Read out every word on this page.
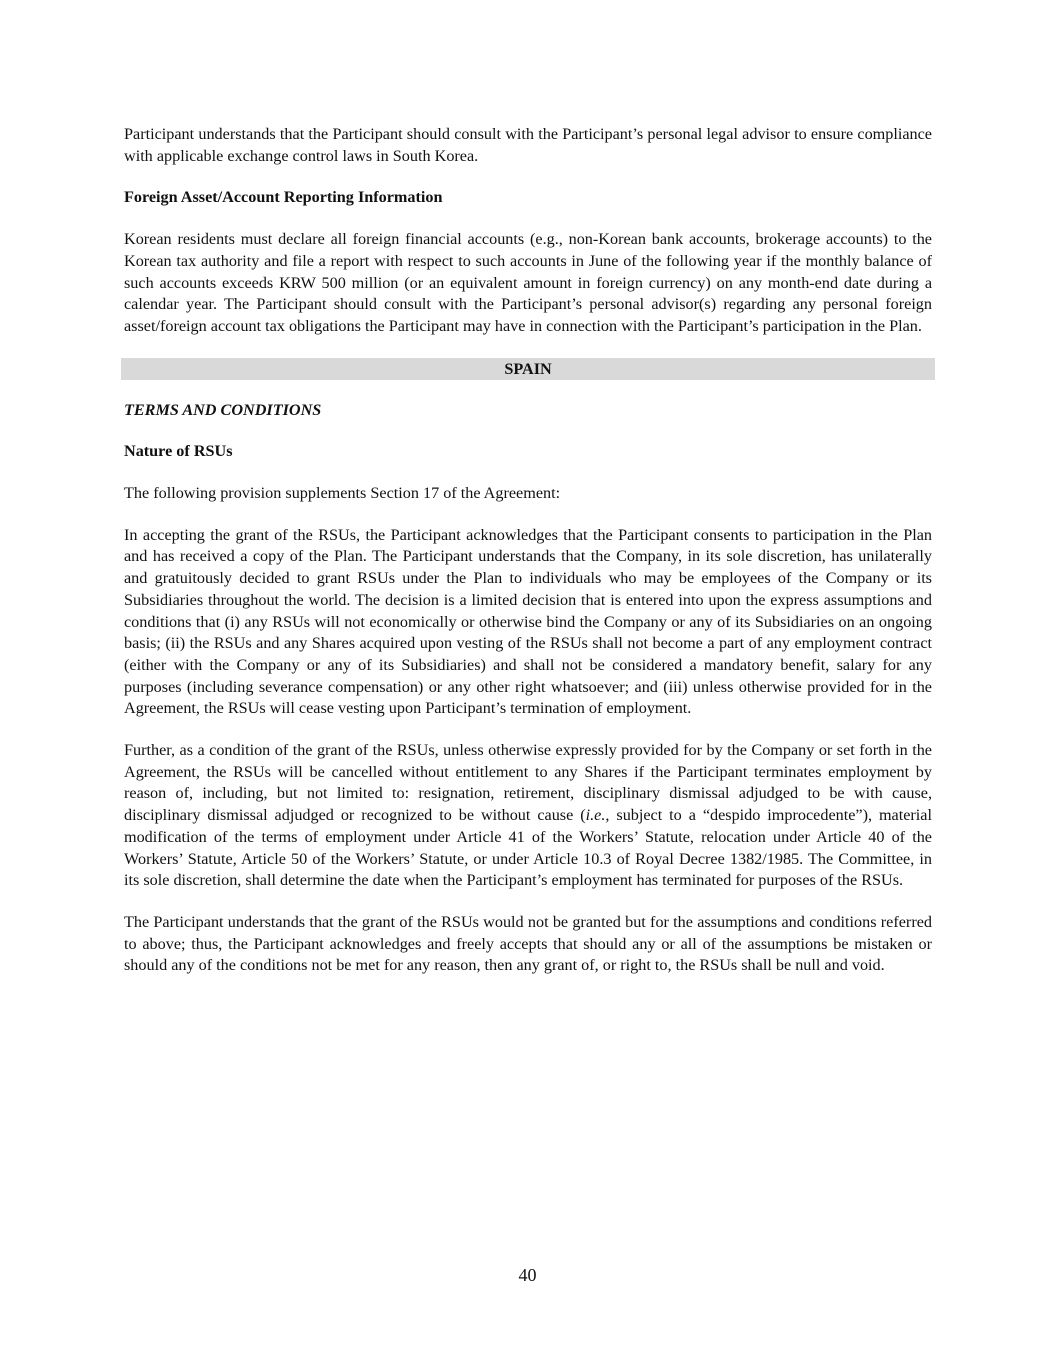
Participant understands that the Participant should consult with the Participant’s personal legal advisor to ensure compliance with applicable exchange control laws in South Korea.

Foreign Asset/Account Reporting Information

Korean residents must declare all foreign financial accounts (e.g., non-Korean bank accounts, brokerage accounts) to the Korean tax authority and file a report with respect to such accounts in June of the following year if the monthly balance of such accounts exceeds KRW 500 million (or an equivalent amount in foreign currency) on any month-end date during a calendar year. The Participant should consult with the Participant’s personal advisor(s) regarding any personal foreign asset/foreign account tax obligations the Participant may have in connection with the Participant’s participation in the Plan.

SPAIN

TERMS AND CONDITIONS

Nature of RSUs

The following provision supplements Section 17 of the Agreement:

In accepting the grant of the RSUs, the Participant acknowledges that the Participant consents to participation in the Plan and has received a copy of the Plan. The Participant understands that the Company, in its sole discretion, has unilaterally and gratuitously decided to grant RSUs under the Plan to individuals who may be employees of the Company or its Subsidiaries throughout the world. The decision is a limited decision that is entered into upon the express assumptions and conditions that (i) any RSUs will not economically or otherwise bind the Company or any of its Subsidiaries on an ongoing basis; (ii) the RSUs and any Shares acquired upon vesting of the RSUs shall not become a part of any employment contract (either with the Company or any of its Subsidiaries) and shall not be considered a mandatory benefit, salary for any purposes (including severance compensation) or any other right whatsoever; and (iii) unless otherwise provided for in the Agreement, the RSUs will cease vesting upon Participant’s termination of employment.

Further, as a condition of the grant of the RSUs, unless otherwise expressly provided for by the Company or set forth in the Agreement, the RSUs will be cancelled without entitlement to any Shares if the Participant terminates employment by reason of, including, but not limited to: resignation, retirement, disciplinary dismissal adjudged to be with cause, disciplinary dismissal adjudged or recognized to be without cause (i.e., subject to a “despido improcedente”), material modification of the terms of employment under Article 41 of the Workers’ Statute, relocation under Article 40 of the Workers’ Statute, Article 50 of the Workers’ Statute, or under Article 10.3 of Royal Decree 1382/1985. The Committee, in its sole discretion, shall determine the date when the Participant’s employment has terminated for purposes of the RSUs.

The Participant understands that the grant of the RSUs would not be granted but for the assumptions and conditions referred to above; thus, the Participant acknowledges and freely accepts that should any or all of the assumptions be mistaken or should any of the conditions not be met for any reason, then any grant of, or right to, the RSUs shall be null and void.

40
